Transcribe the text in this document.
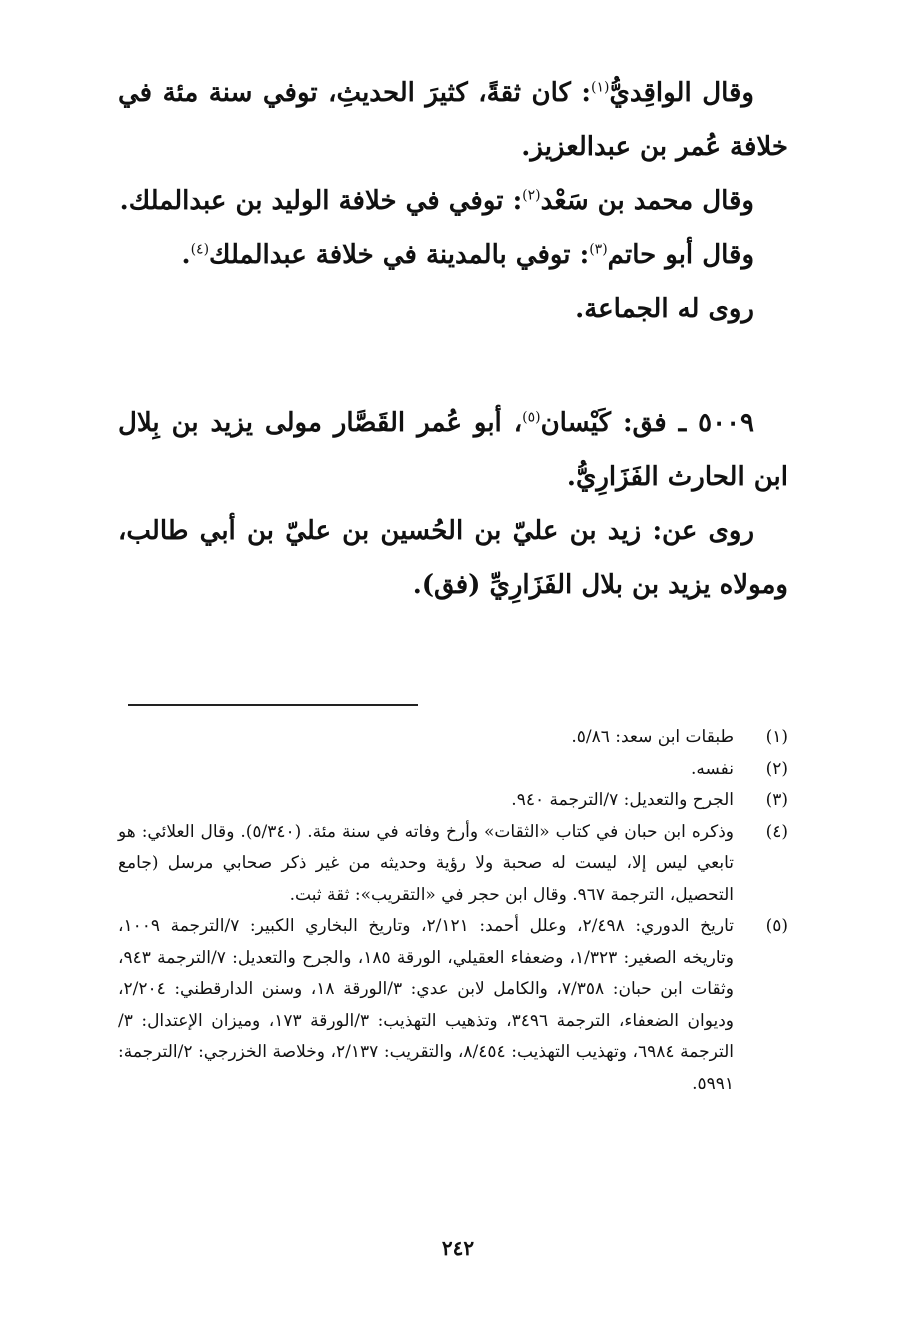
وقال الواقِديُّ$^{(١)}$: كان ثقةً، كثيرَ الحديثِ، توفي سنة مئة في خلافة عُمر بن عبدالعزيز.

وقال محمد بن سَعْد$^{(٢)}$: توفي في خلافة الوليد بن عبدالملك.

وقال أبو حاتم$^{(٣)}$: توفي بالمدينة في خلافة عبدالملك$^{(٤)}$.

روى له الجماعة.

٥٠٠٩ ـ فق: كَيْسان$^{(٥)}$، أبو عُمر القَصَّار مولى يزيد بن بِلال ابن الحارث الفَزَارِيُّ.

روى عن: زيد بن عليّ بن الحُسين بن عليّ بن أبي طالب، ومولاه يزيد بن بلال الفَزَارِيِّ (فق).

(١)
طبقات ابن سعد: ٥/٨٦.

(٢)
نفسه.

(٣)
الجرح والتعديل: ٧/الترجمة ٩٤٠.

(٤)
وذكره ابن حبان في كتاب «الثقات» وأرخ وفاته في سنة مئة. (٥/٣٤٠). وقال العلائي: هو تابعي ليس إلا، ليست له صحبة ولا رؤية وحديثه من غير ذكر صحابي مرسل (جامع التحصيل، الترجمة ٩٦٧. وقال ابن حجر في «التقريب»: ثقة ثبت.

(٥)
تاريخ الدوري: ٢/٤٩٨، وعلل أحمد: ٢/١٢١، وتاريخ البخاري الكبير: ٧/الترجمة ١٠٠٩، وتاريخه الصغير: ١/٣٢٣، وضعفاء العقيلي، الورقة ١٨٥، والجرح والتعديل: ٧/الترجمة ٩٤٣، وثقات ابن حبان: ٧/٣٥٨، والكامل لابن عدي: ٣/الورقة ١٨، وسنن الدارقطني: ٢/٢٠٤، وديوان الضعفاء، الترجمة ٣٤٩٦، وتذهيب التهذيب: ٣/الورقة ١٧٣، وميزان الإعتدال: ٣/الترجمة ٦٩٨٤، وتهذيب التهذيب: ٨/٤٥٤، والتقريب: ٢/١٣٧، وخلاصة الخزرجي: ٢/الترجمة: ٥٩٩١.

٢٤٢
